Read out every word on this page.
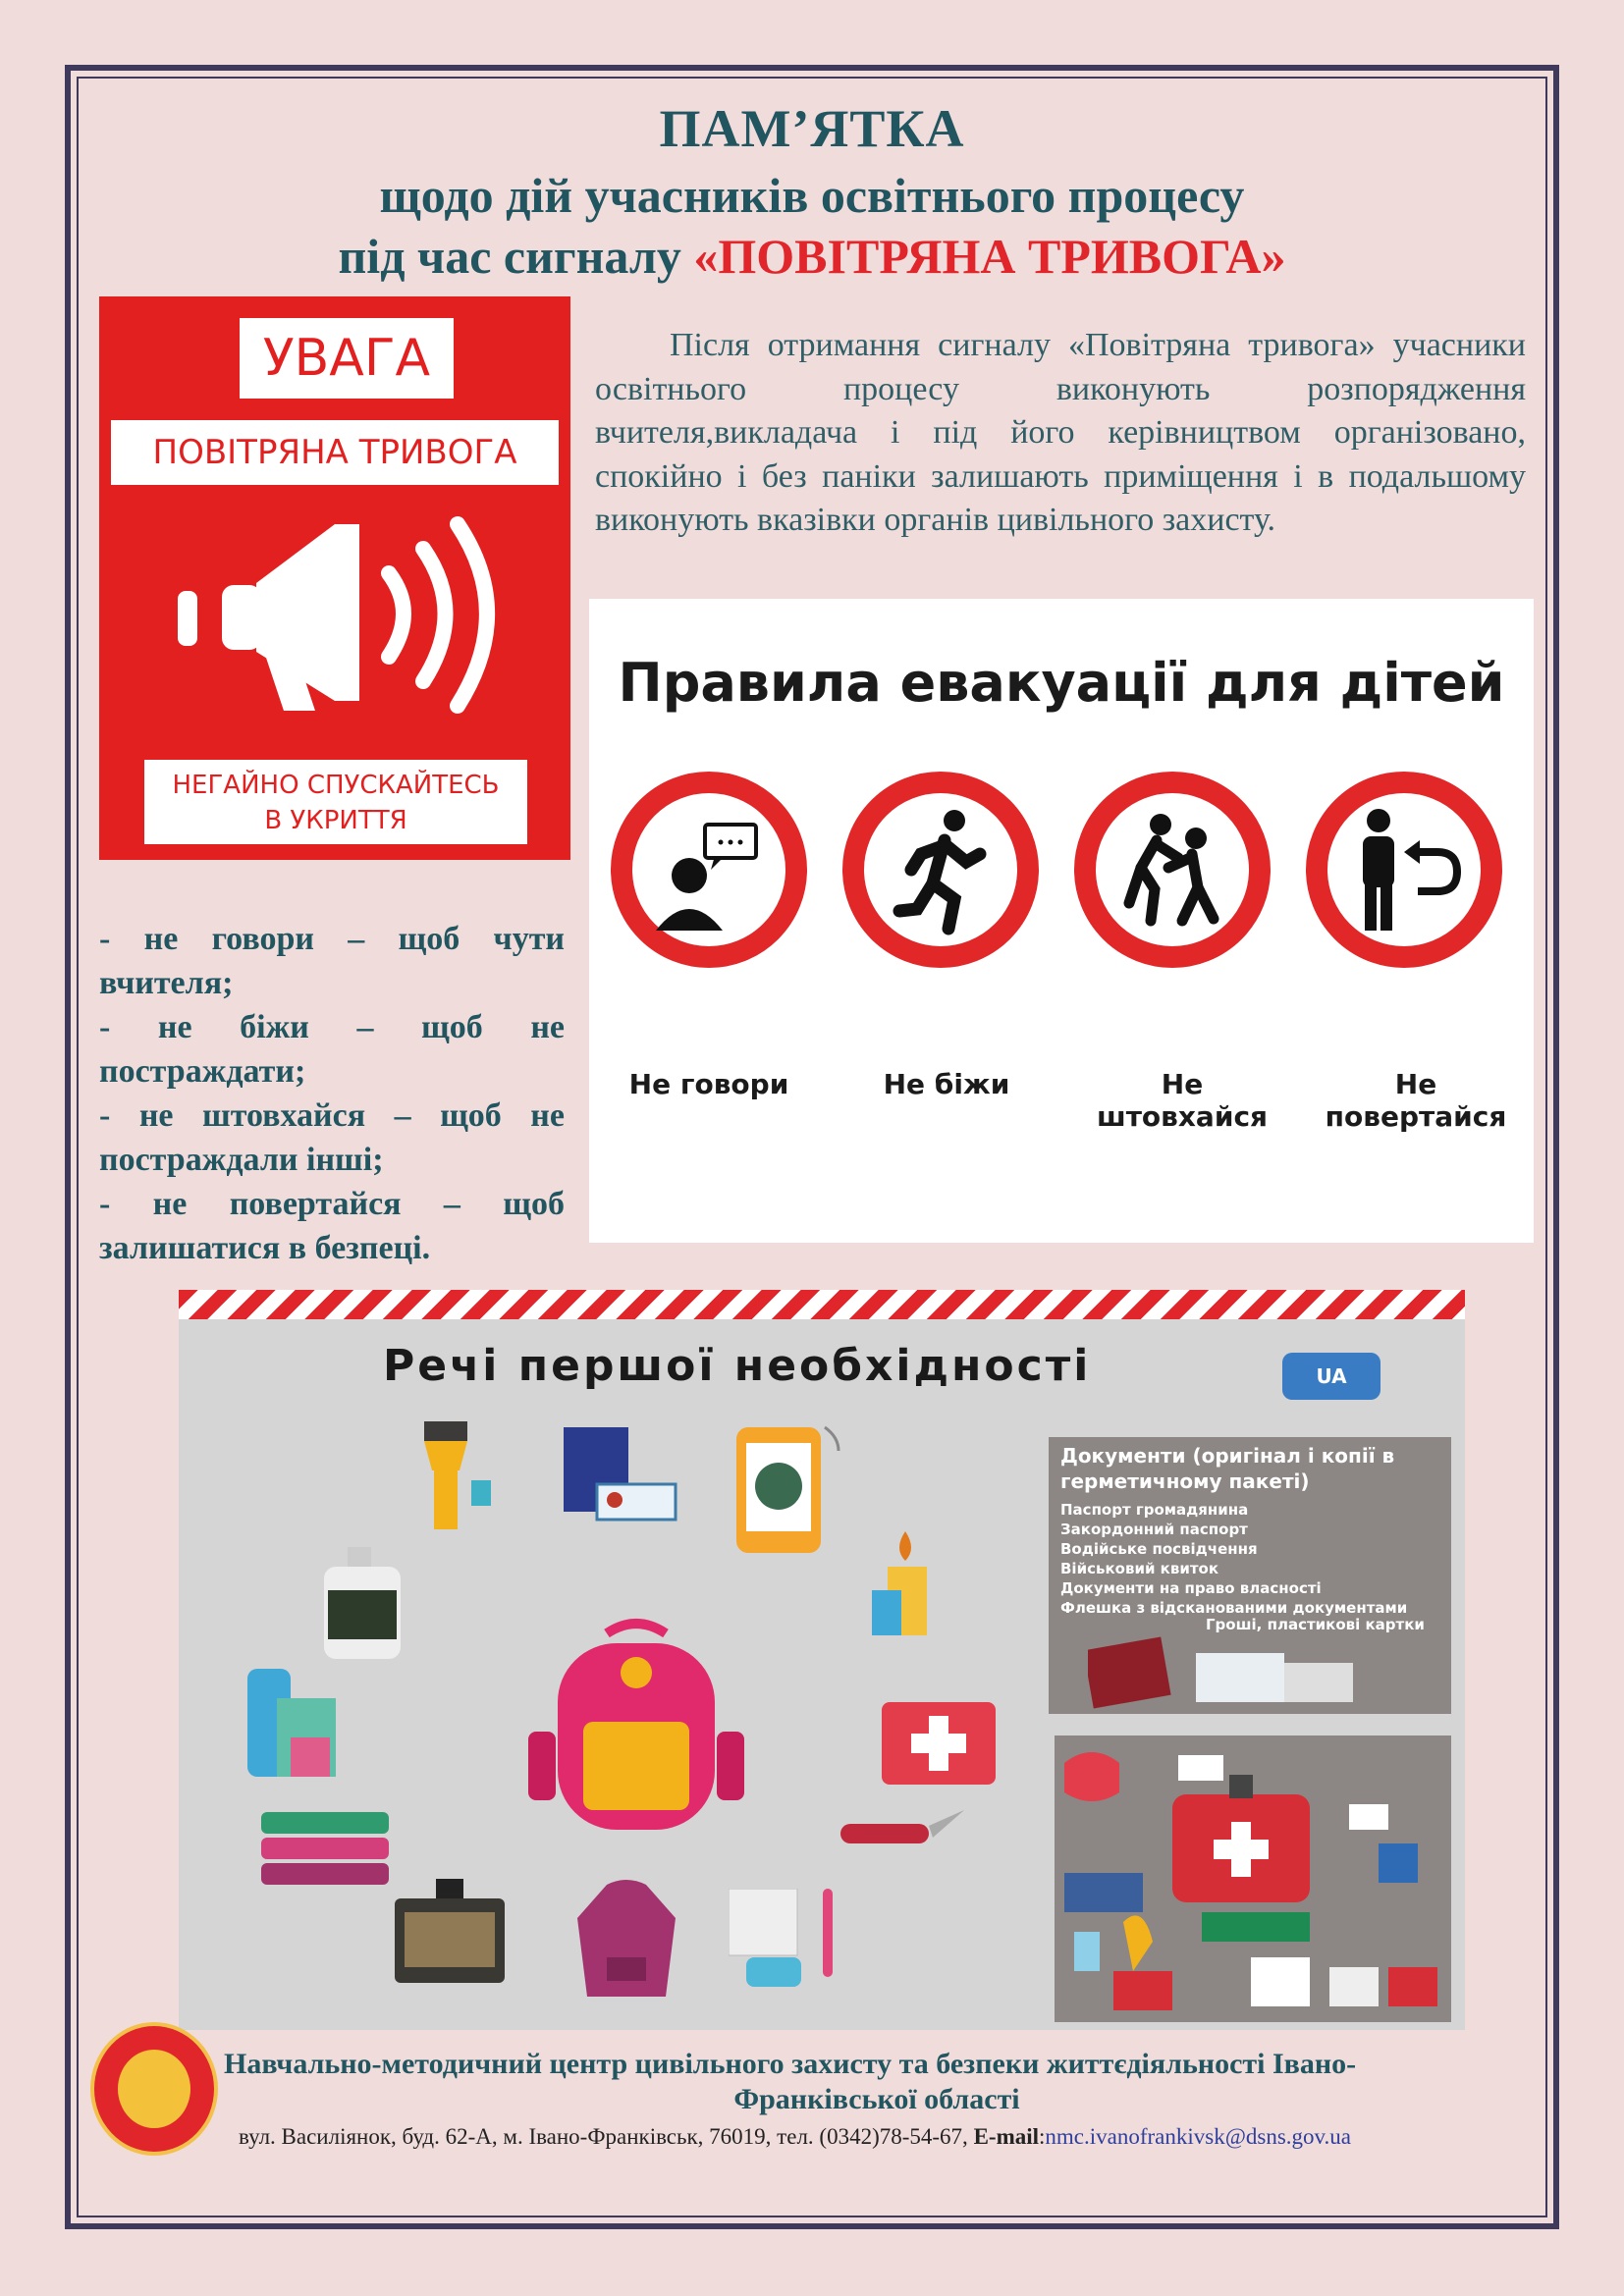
ПАМ’ЯТКА
щодо дій учасників освітнього процесу
під час сигналу «ПОВІТРЯНА ТРИВОГА»
УВАГА
ПОВІТРЯНА ТРИВОГА
НЕГАЙНО СПУСКАЙТЕСЬ
В УКРИТТЯ

Після отримання сигналу «Повітряна тривога» учасники освітнього процесу виконують розпорядження вчителя,викладача і під його керівництвом організовано, спокійно і без паніки залишають приміщення і в подальшому виконують вказівки органів цивільного захисту.

Правила евакуації для дітей
Не говори	Не біжи	Не штовхайся
Не повертайся

- не говори – щоб чути вчителя;

- не біжи – щоб не постраждати;

- не штовхайся – щоб не постраждали інші;

- не повертайся – щоб залишатися в безпеці.

Речі першої необхідності	UA
Документи (оригінал і копії в герметичному пакеті)
Паспорт громадянина
Закордонний паспорт
Водійське посвідчення
Військовий квиток
Документи на право власності
Флешка з відсканованими документами
Гроші, пластикові картки
Навчально-методичний центр цивільного захисту та безпеки життєдіяльності Івано-
Франківської області
вул. Василіянок, буд. 62-А, м. Івано-Франківськ, 76019, тел. (0342)78-54-67, E-mail:nmc.ivanofrankivsk@dsns.gov.ua
